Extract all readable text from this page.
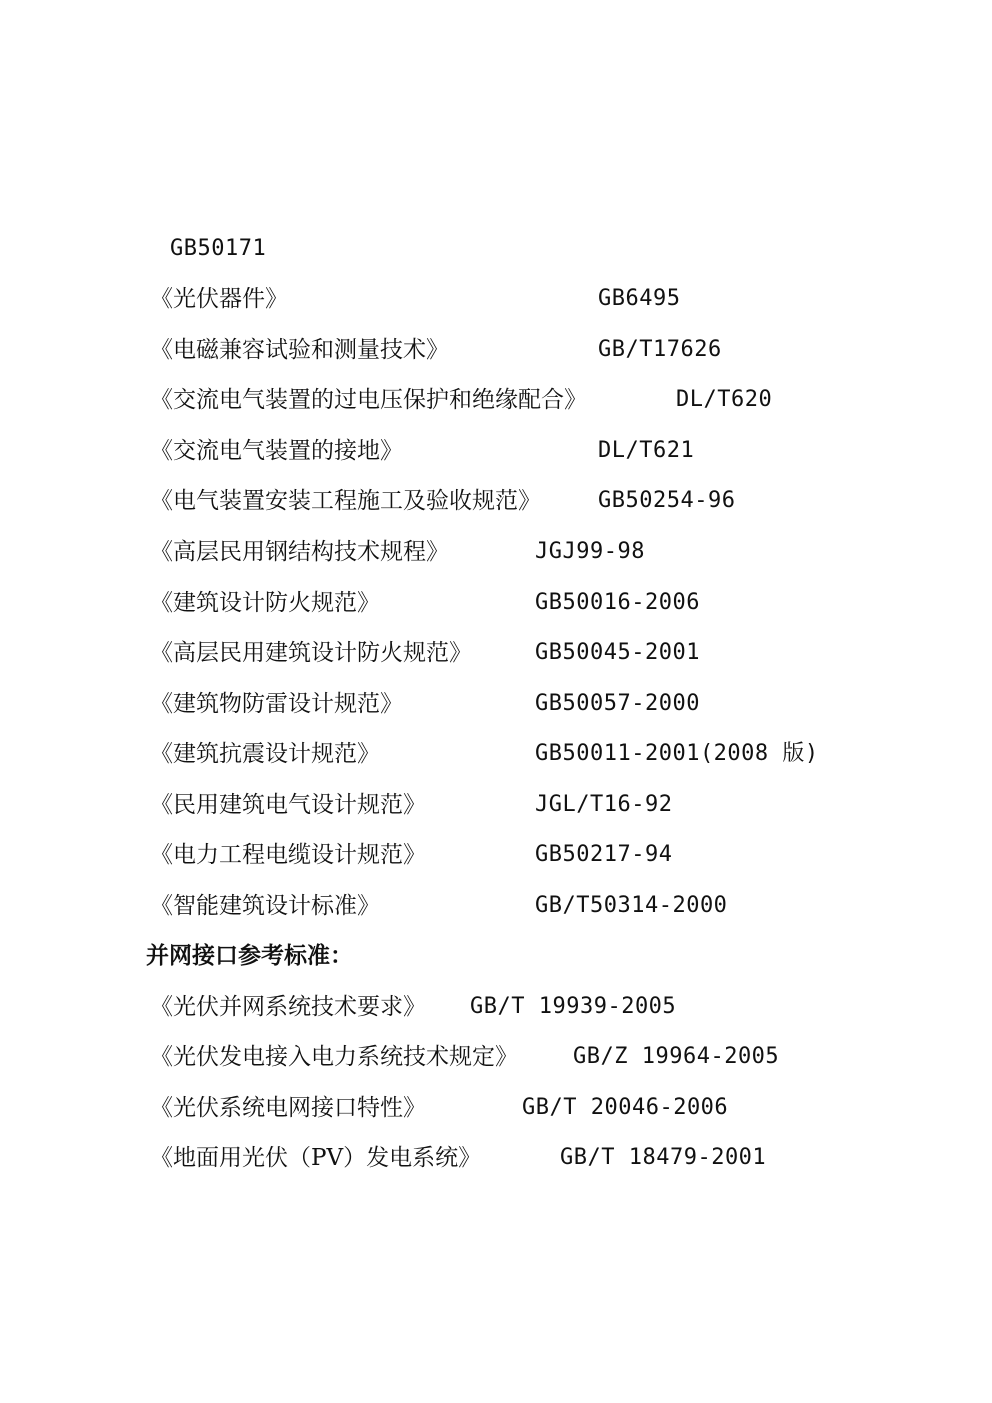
GB50171
《光伏器件》	GB6495
《电磁兼容试验和测量技术》	GB/T17626
《交流电气装置的过电压保护和绝缘配合》	DL/T620
《交流电气装置的接地》	DL/T621
《电气装置安装工程施工及验收规范》	GB50254-96
《高层民用钢结构技术规程》	JGJ99-98
《建筑设计防火规范》	GB50016-2006
《高层民用建筑设计防火规范》	GB50045-2001
《建筑物防雷设计规范》	GB50057-2000
《建筑抗震设计规范》	GB50011-2001(2008 版)
《民用建筑电气设计规范》	JGL/T16-92
《电力工程电缆设计规范》	GB50217-94
《智能建筑设计标准》	GB/T50314-2000
并网接口参考标准：
《光伏并网系统技术要求》 GB/T 19939-2005
《光伏发电接入电力系统技术规定》	GB/Z 19964-2005
《光伏系统电网接口特性》	GB/T 20046-2006
《地面用光伏（PV）发电系统》	GB/T 18479-2001
